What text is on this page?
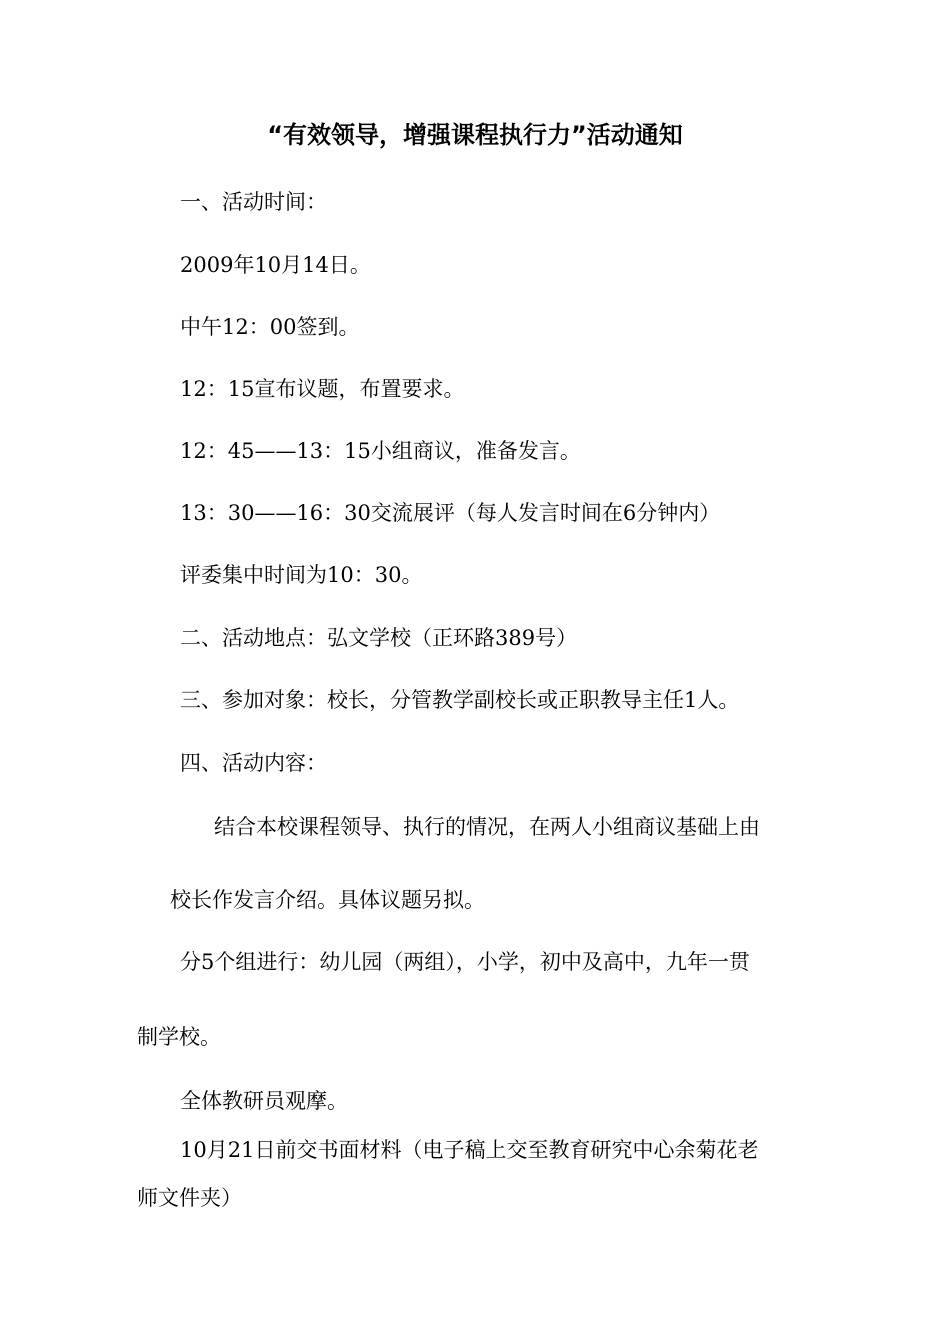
“有效领导，增强课程执行力”活动通知

一、活动时间：

2009年10月14日。

中午12：00签到。

12：15宣布议题，布置要求。

12：45——13：15小组商议，准备发言。

13：30——16：30交流展评（每人发言时间在6分钟内）

评委集中时间为10：30。

二、活动地点：弘文学校（正环路389号）

三、参加对象：校长，分管教学副校长或正职教导主任1人。

四、活动内容：

结合本校课程领导、执行的情况，在两人小组商议基础上由

校长作发言介绍。具体议题另拟。

分5个组进行：幼儿园（两组），小学，初中及高中，九年一贯

制学校。

全体教研员观摩。

10月21日前交书面材料（电子稿上交至教育研究中心余菊花老

师文件夹）
